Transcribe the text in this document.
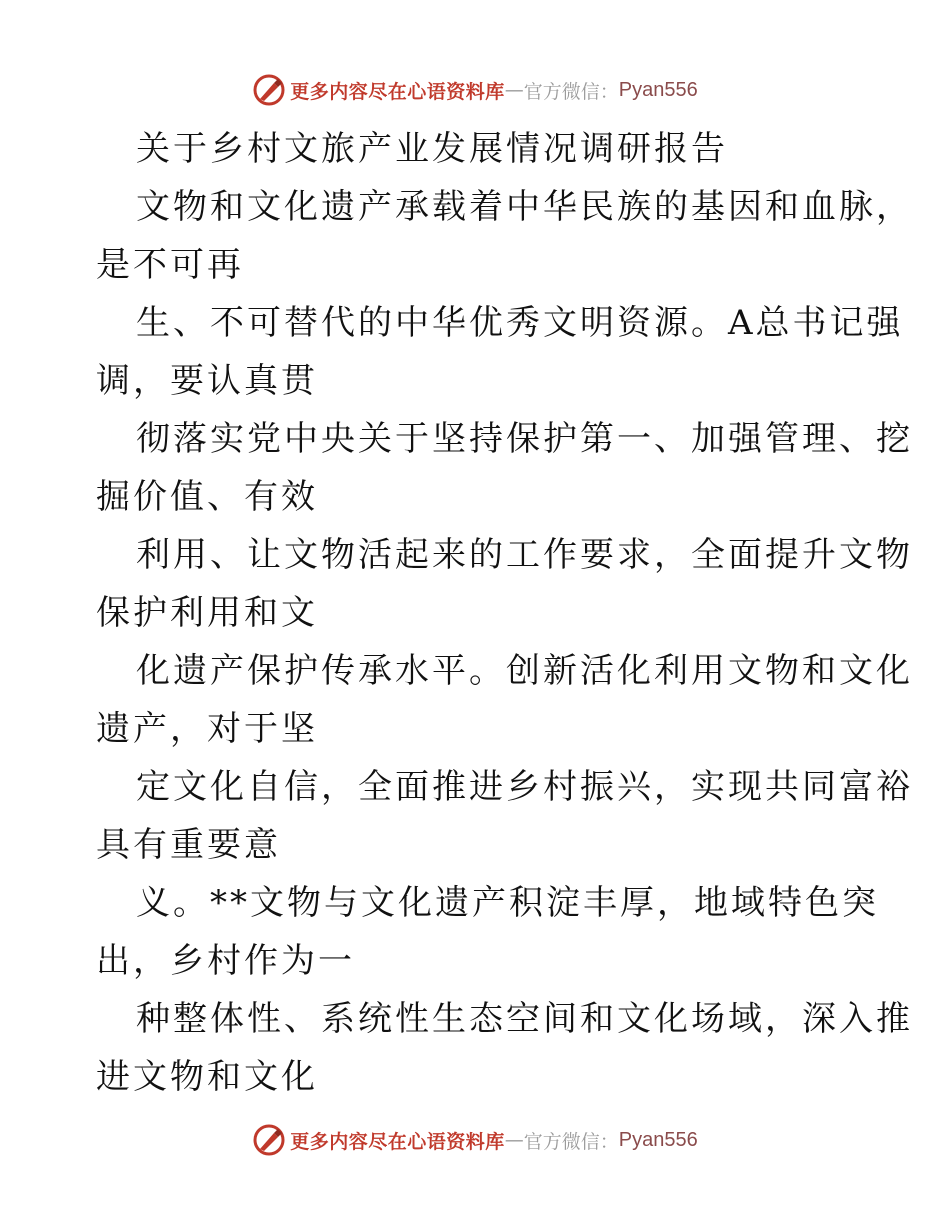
更多内容尽在心语资料库 — 官方微信： Pyan556
关于乡村文旅产业发展情况调研报告
文物和文化遗产承载着中华民族的基因和血脉，
是不可再
生、不可替代的中华优秀文明资源。A总书记强
调，要认真贯
彻落实党中央关于坚持保护第一、加强管理、挖
掘价值、有效
利用、让文物活起来的工作要求，全面提升文物
保护利用和文
化遗产保护传承水平。创新活化利用文物和文化
遗产，对于坚
定文化自信，全面推进乡村振兴，实现共同富裕
具有重要意
义。**文物与文化遗产积淀丰厚，地域特色突
出，乡村作为一
种整体性、系统性生态空间和文化场域，深入推
进文物和文化
更多内容尽在心语资料库 — 官方微信： Pyan556
